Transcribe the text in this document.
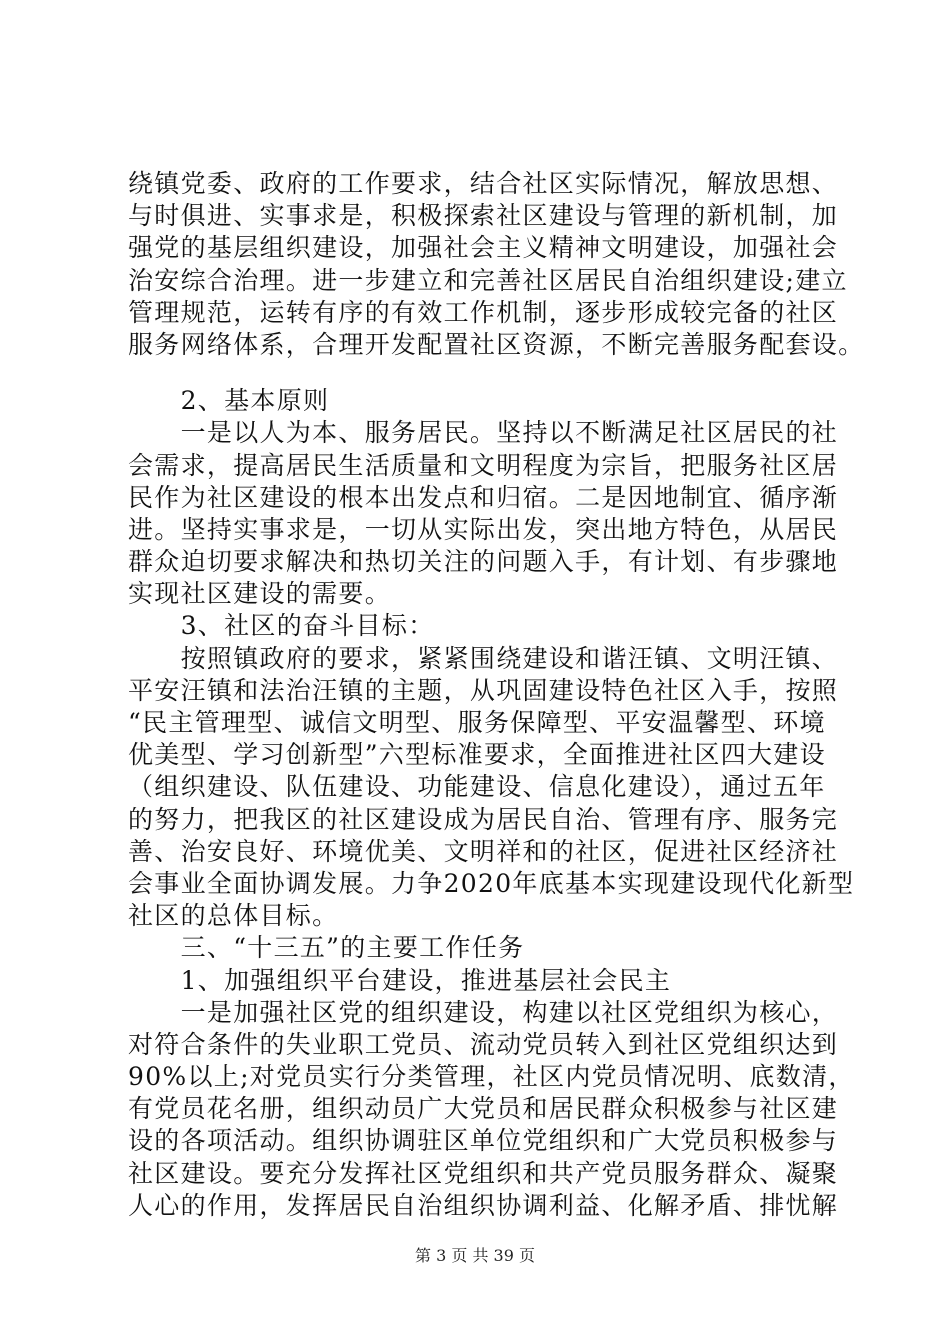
绕镇党委、政府的工作要求，结合社区实际情况，解放思想、
与时俱进、实事求是，积极探索社区建设与管理的新机制，加
强党的基层组织建设，加强社会主义精神文明建设，加强社会
治安综合治理。进一步建立和完善社区居民自治组织建设;建立
管理规范，运转有序的有效工作机制，逐步形成较完备的社区
服务网络体系，合理开发配置社区资源，不断完善服务配套设。
　　2、基本原则
　　一是以人为本、服务居民。坚持以不断满足社区居民的社
会需求，提高居民生活质量和文明程度为宗旨，把服务社区居
民作为社区建设的根本出发点和归宿。二是因地制宜、循序渐
进。坚持实事求是，一切从实际出发，突出地方特色，从居民
群众迫切要求解决和热切关注的问题入手，有计划、有步骤地
实现社区建设的需要。
　　3、社区的奋斗目标：
　　按照镇政府的要求，紧紧围绕建设和谐汪镇、文明汪镇、
平安汪镇和法治汪镇的主题，从巩固建设特色社区入手，按照
“民主管理型、诚信文明型、服务保障型、平安温馨型、环境
优美型、学习创新型”六型标准要求，全面推进社区四大建设
（组织建设、队伍建设、功能建设、信息化建设），通过五年
的努力，把我区的社区建设成为居民自治、管理有序、服务完
善、治安良好、环境优美、文明祥和的社区，促进社区经济社
会事业全面协调发展。力争2020年底基本实现建设现代化新型
社区的总体目标。
　　三、“十三五”的主要工作任务
　　1、加强组织平台建设，推进基层社会民主
　　一是加强社区党的组织建设，构建以社区党组织为核心，
对符合条件的失业职工党员、流动党员转入到社区党组织达到
90%以上;对党员实行分类管理，社区内党员情况明、底数清，
有党员花名册，组织动员广大党员和居民群众积极参与社区建
设的各项活动。组织协调驻区单位党组织和广大党员积极参与
社区建设。要充分发挥社区党组织和共产党员服务群众、凝聚
人心的作用，发挥居民自治组织协调利益、化解矛盾、排忧解
第 3 页 共 39 页
